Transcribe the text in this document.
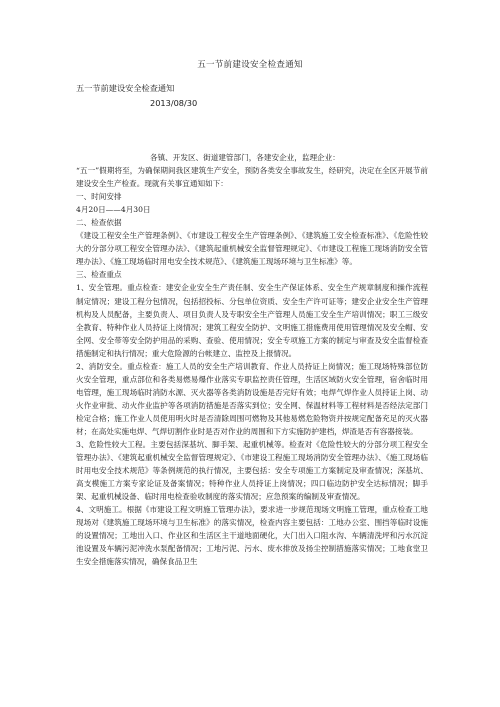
五一节前建设安全检查通知
五一节前建设安全检查通知
2013/08/30

各镇、开发区、街道建管部门，各建安企业，监理企业：

“五一”假期将至，为确保期间我区建筑生产安全，预防各类安全事故发生，经研究，决定在全区开展节前建设安全生产检查。现就有关事宜通知如下：

一、时间安排

4月20日——4月30日

二、检查依据

《建设工程安全生产管理条例》、《市建设工程安全生产管理条例》、《建筑施工安全检查标准》、《危险性较大的分部分项工程安全管理办法》、《建筑起重机械安全监督管理规定》、《市建设工程施工现场消防安全管理办法》、《施工现场临时用电安全技术规范》、《建筑施工现场环境与卫生标准》等。

三、检查重点

1、安全管理。重点检查：建安企业安全生产责任制、安全生产保证体系、安全生产规章制度和操作流程制定情况；建设工程分包情况，包括招投标、分包单位资质、安全生产许可证等；建安企业安全生产管理机构及人员配备，主要负责人、项目负责人及专职安全生产管理人员施工安全生产培训情况；职工三级安全教育、特种作业人员持证上岗情况；建筑工程安全防护、文明施工措施费用使用管理情况及安全帽、安全网、安全带等安全防护用品的采购、查验、使用情况；安全专项施工方案的制定与审查及安全监督检查措施制定和执行情况；重大危险源的台帐建立、监控及上报情况。

2、消防安全。重点检查：施工人员的安全生产培训教育、作业人员持证上岗情况；施工现场特殊部位防火安全管理，重点部位和各类易燃易爆作业落实专职监控责任管理，生活区域防火安全管理，宿舍临时用电管理，施工现场临时消防水源、灭火器等各类消防设施是否完好有效；电焊气焊作业人员持证上岗、动火作业审批、动火作业监护等各项消防措施是否落实到位；安全网、保温材料等工程材料是否经法定部门检定合格；施工作业人员使用明火时是否清除周围可燃物及其他易燃危险物资并按规定配备充足的灭火器材；在高处实施电焊、气焊切割作业时是否对作业的周围和下方实施防护建档，焊渣是否有容器接装。

3、危险性较大工程。主要包括深基坑、脚手架、起重机械等。检查对《危险性较大的分部分项工程安全管理办法》、《建筑起重机械安全监督管理规定》、《市建设工程施工现场消防安全管理办法》、《施工现场临时用电安全技术规范》等条例规范的执行情况，主要包括：安全专项施工方案制定及审查情况；深基坑、高支模施工方案专家论证及备案情况；特种作业人员持证上岗情况；四口临边防护安全达标情况；脚手架、起重机械设备、临时用电检查验收制度的落实情况；应急预案的编制及审查情况。

4、文明施工。根据《市建设工程文明施工管理办法》，要求进一步规范现场文明施工管理，重点检查工地现场对《建筑施工现场环境与卫生标准》的落实情况，检查内容主要包括：工地办公室、围挡等临时设施的设置情况；工地出入口、作业区和生活区主干道地面硬化，大门出入口阻水沟、车辆清洗坪和污水沉淀池设置及车辆污泥冲洗水泵配备情况；工地污泥、污水、废水排放及扬尘控制措施落实情况；工地食堂卫生安全措施落实情况，确保食品卫生
